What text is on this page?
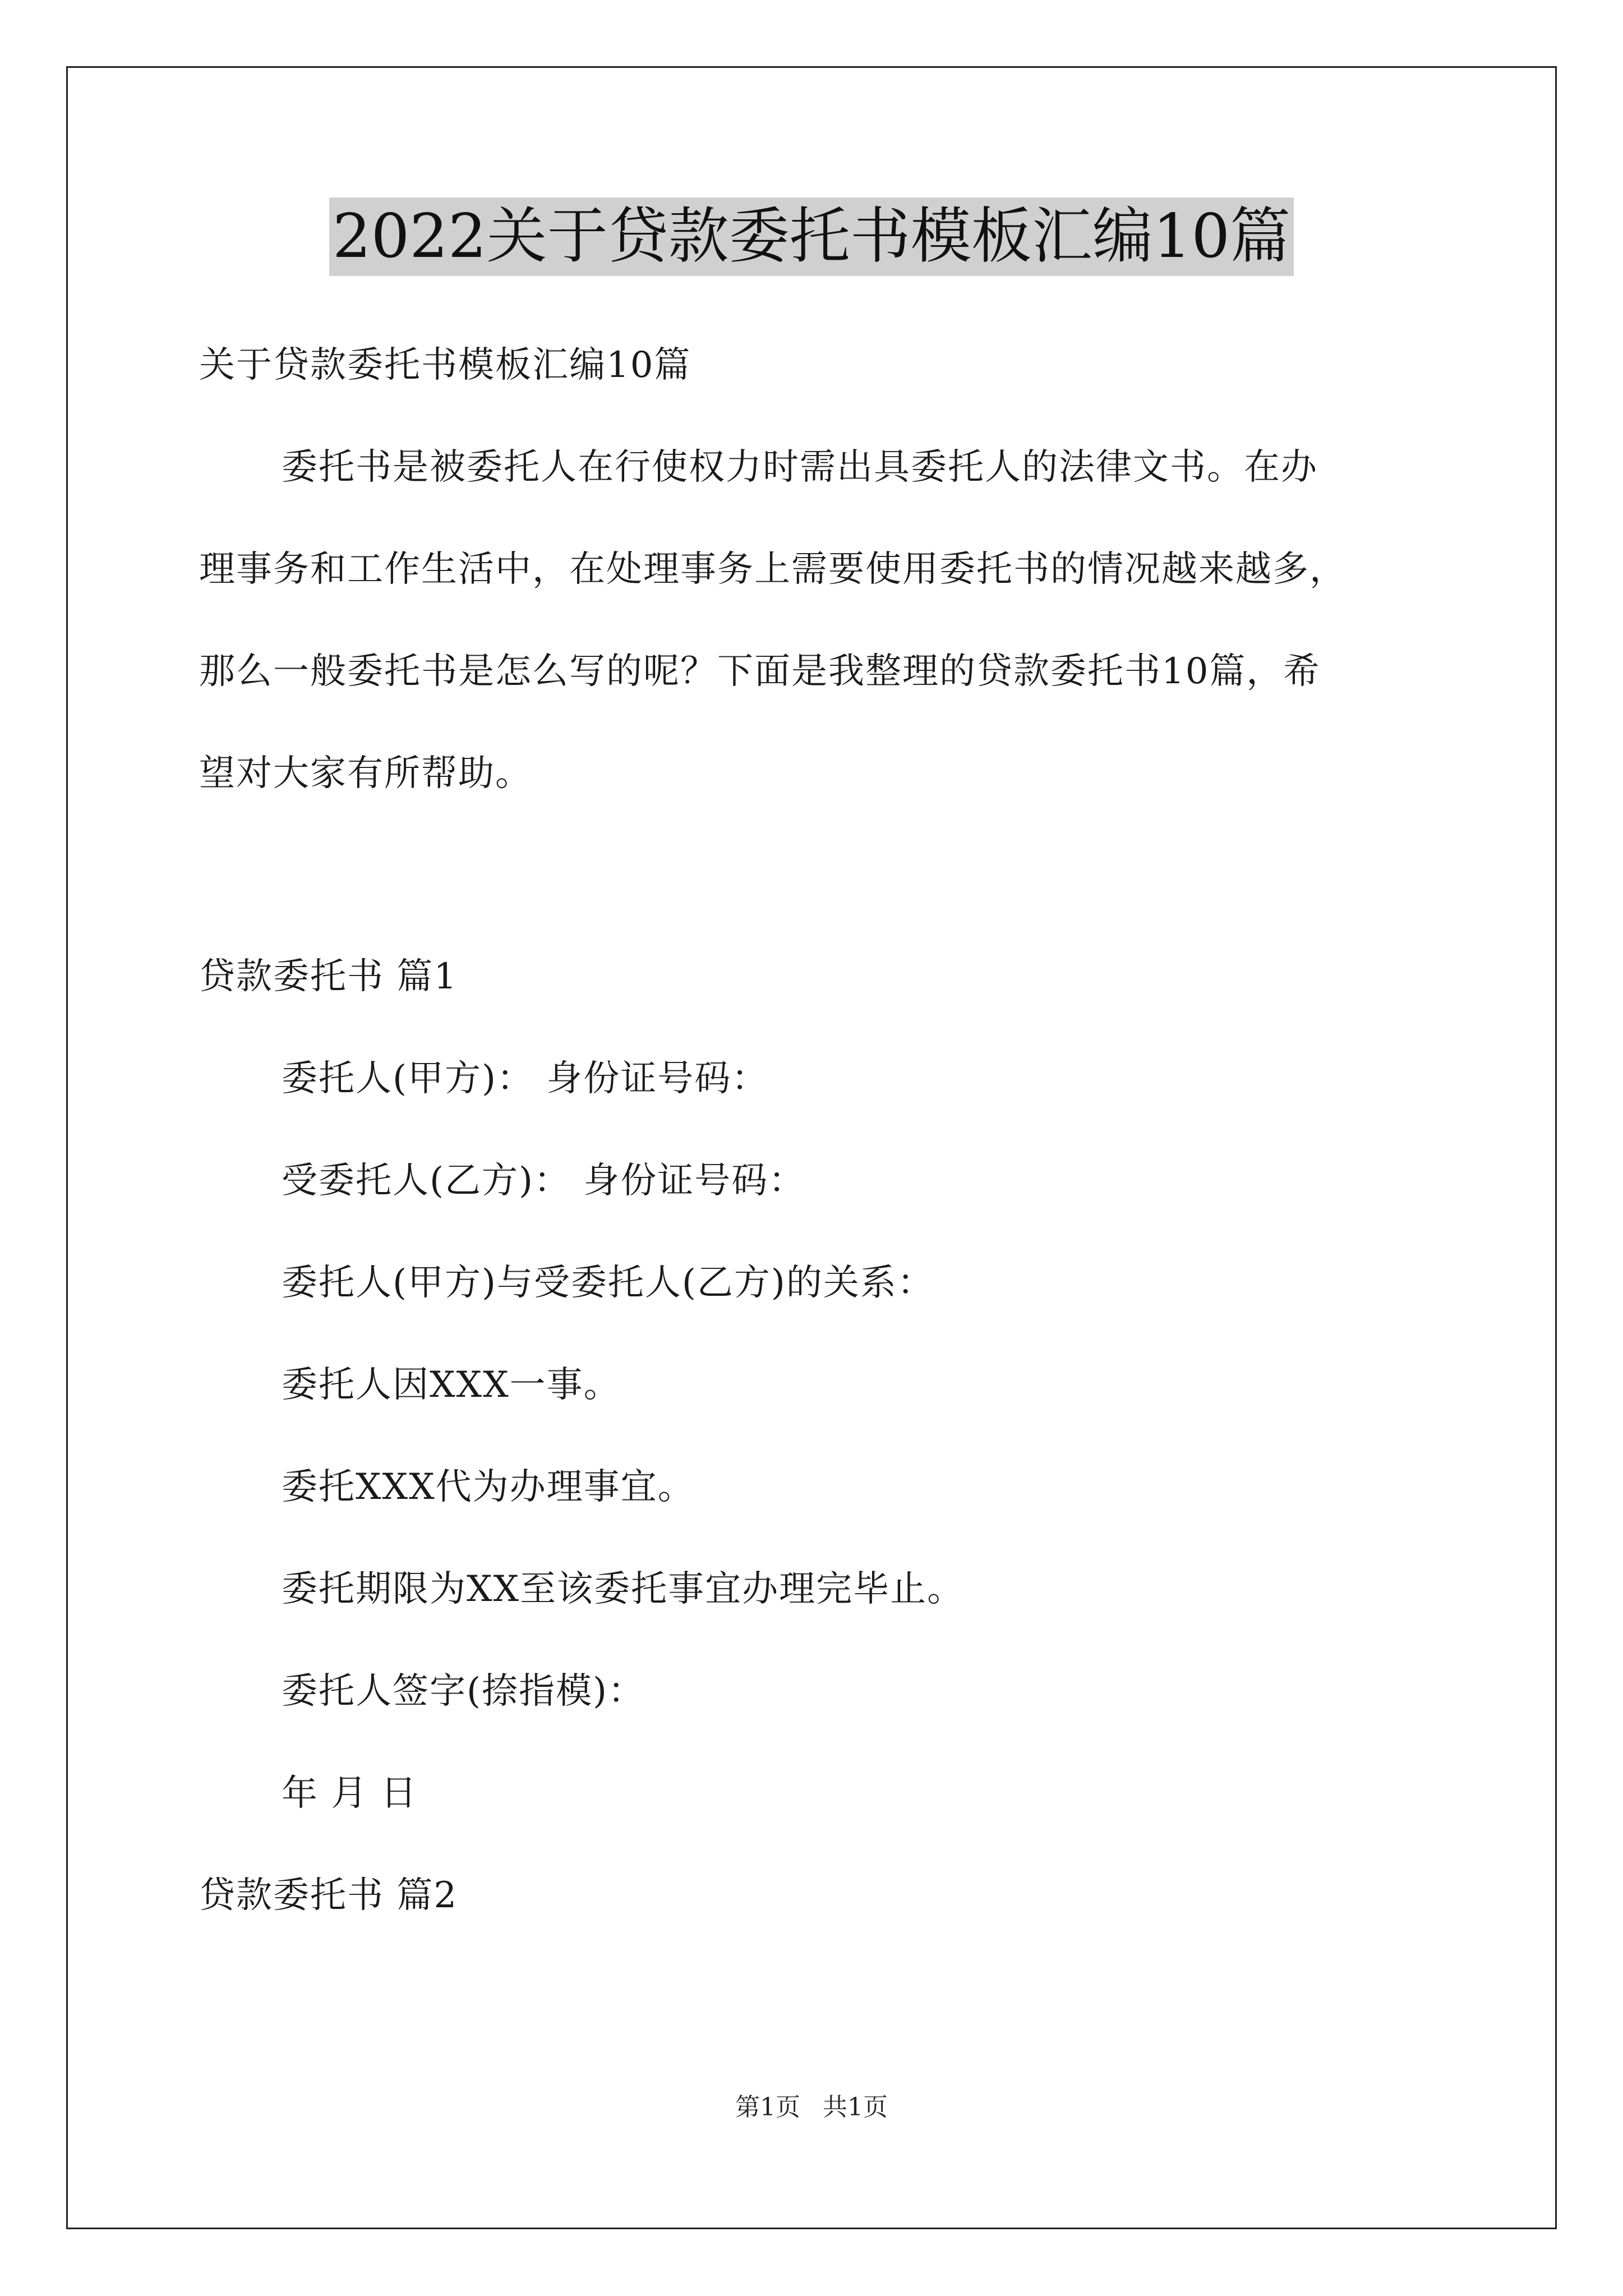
2022关于贷款委托书模板汇编10篇
关于贷款委托书模板汇编10篇
委托书是被委托人在行使权力时需出具委托人的法律文书。在办
理事务和工作生活中，在处理事务上需要使用委托书的情况越来越多，
那么一般委托书是怎么写的呢？下面是我整理的贷款委托书10篇，希
望对大家有所帮助。
贷款委托书 篇1
委托人(甲方)： 身份证号码：
受委托人(乙方)： 身份证号码：
委托人(甲方)与受委托人(乙方)的关系：
委托人因XXX一事。
委托XXX代为办理事宜。
委托期限为XX至该委托事宜办理完毕止。
委托人签字(捺指模)：
年 月 日
贷款委托书 篇2
第1页 共1页
